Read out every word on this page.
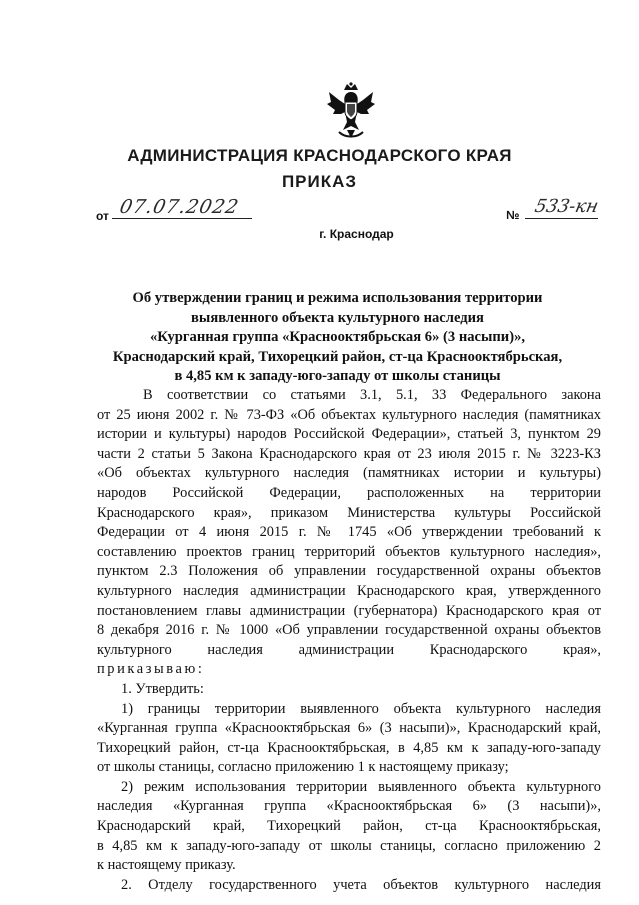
АДМИНИСТРАЦИЯ КРАСНОДАРСКОГО КРАЯ
ПРИКАЗ
от 07.07.2022	№ 533-кн
г. Краснодар
Об утверждении границ и режима использования территории
выявленного объекта культурного наследия
«Курганная группа «Краснооктябрьская 6» (3 насыпи)»,
Краснодарский край, Тихорецкий район, ст-ца Краснооктябрьская,
в 4,85 км к западу-юго-западу от школы станицы
В соответствии со статьями 3.1, 5.1, 33 Федерального закона
от 25 июня 2002 г. № 73-ФЗ «Об объектах культурного наследия (памятниках
истории и культуры) народов Российской Федерации», статьей 3, пунктом 29
части 2 статьи 5 Закона Краснодарского края от 23 июля 2015 г. № 3223-КЗ
«Об объектах культурного наследия (памятниках истории и культуры)
народов Российской Федерации, расположенных на территории
Краснодарского края», приказом Министерства культуры Российской
Федерации от 4 июня 2015 г. № 1745 «Об утверждении требований к
составлению проектов границ территорий объектов культурного наследия»,
пунктом 2.3 Положения об управлении государственной охраны объектов
культурного наследия администрации Краснодарского края, утвержденного
постановлением главы администрации (губернатора) Краснодарского края от
8 декабря 2016 г. № 1000 «Об управлении государственной охраны объектов
культурного наследия администрации Краснодарского края»,
приказываю:
1. Утвердить:
1) границы территории выявленного объекта культурного наследия
«Курганная группа «Краснооктябрьская 6» (3 насыпи)», Краснодарский край,
Тихорецкий район, ст-ца Краснооктябрьская, в 4,85 км к западу-юго-западу
от школы станицы, согласно приложению 1 к настоящему приказу;
2) режим использования территории выявленного объекта культурного
наследия «Курганная группа «Краснооктябрьская 6» (3 насыпи)»,
Краснодарский край, Тихорецкий район, ст-ца Краснооктябрьская,
в 4,85 км к западу-юго-западу от школы станицы, согласно приложению 2
к настоящему приказу.
2. Отделу государственного учета объектов культурного наследия
